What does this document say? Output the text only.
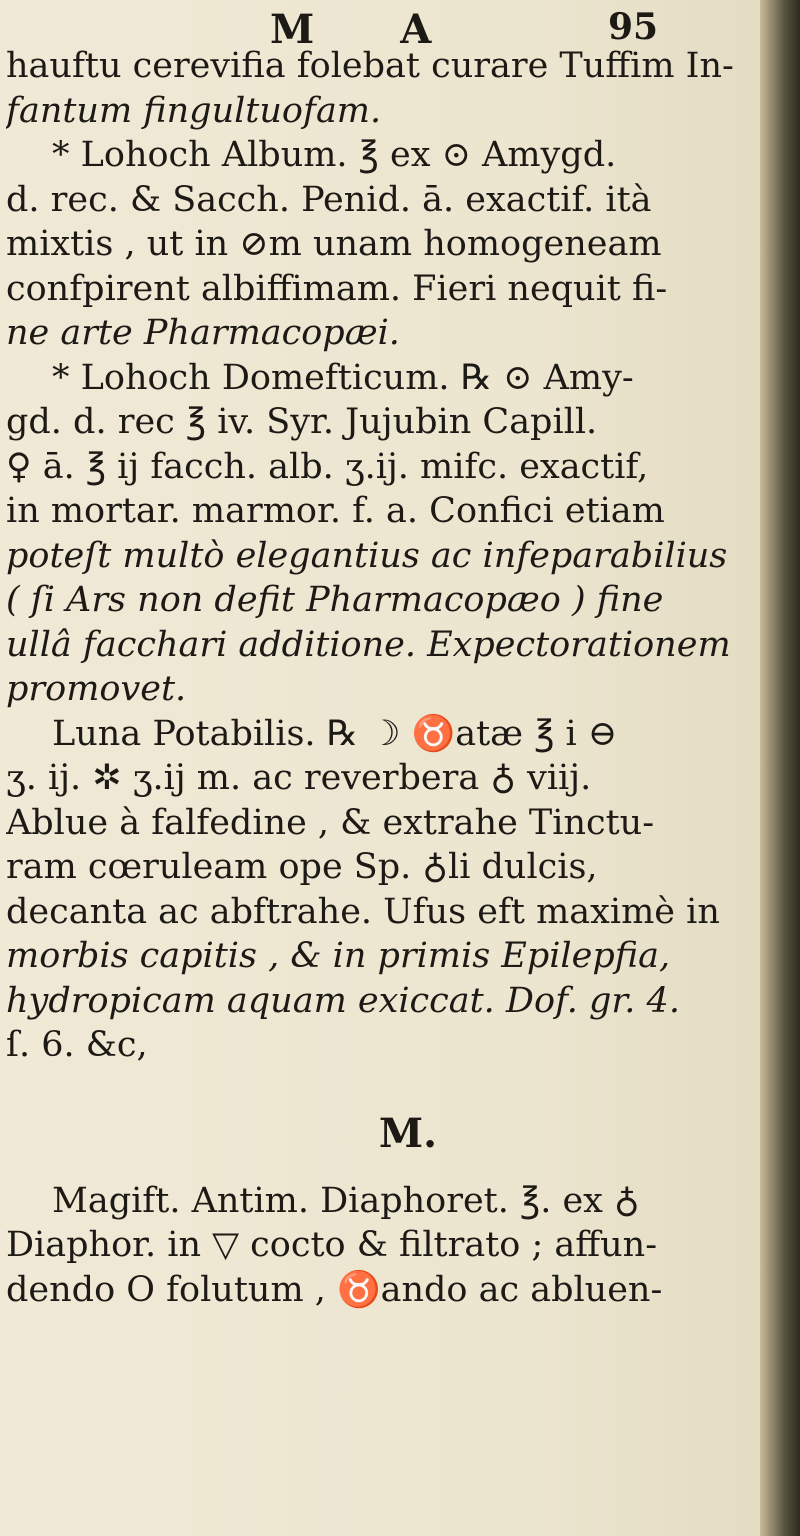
M A	95
hauftu cerevifia folebat curare Tuffim In-
fantum fingultuofam.
* Lohoch Album. ℥ ex ⊙ Amygd.
d. rec. & Sacch. Penid. ā. exactif. ità
mixtis , ut in ⊘m unam homogeneam
confpirent albiffimam. Fieri nequit fi-
ne arte Pharmacopæi.
* Lohoch Domefticum. ℞ ⊙ Amy-
gd. d. rec ℥ iv. Syr. Jujubin Capill.
♀ ā. ℥ ij facch. alb. ʒ.ij. mifc. exactif,
in mortar. marmor. f. a. Confici etiam
poteſt multò elegantius ac infeparabilius
( ſi Ars non defit Pharmacopæo ) fine
ullâ facchari additione. Expectorationem
promovet.
Luna Potabilis. ℞ ☽ ♉atæ ℥ i ⊖
ʒ. ij. ✲ ʒ.ij m. ac reverbera ♁ viij.
Ablue à falfedine , & extrahe Tinctu-
ram cœruleam ope Sp. ♁li dulcis,
decanta ac abftrahe. Ufus eft maximè in
morbis capitis , & in primis Epilepfia,
hydropicam aquam exiccat. Dof. gr. 4.
ſ. 6. &c,
M.
Magift. Antim. Diaphoret. ℥. ex ♁
Diaphor. in ▽ cocto & filtrato ; affun-
dendo O folutum , ♉ando ac abluen-
